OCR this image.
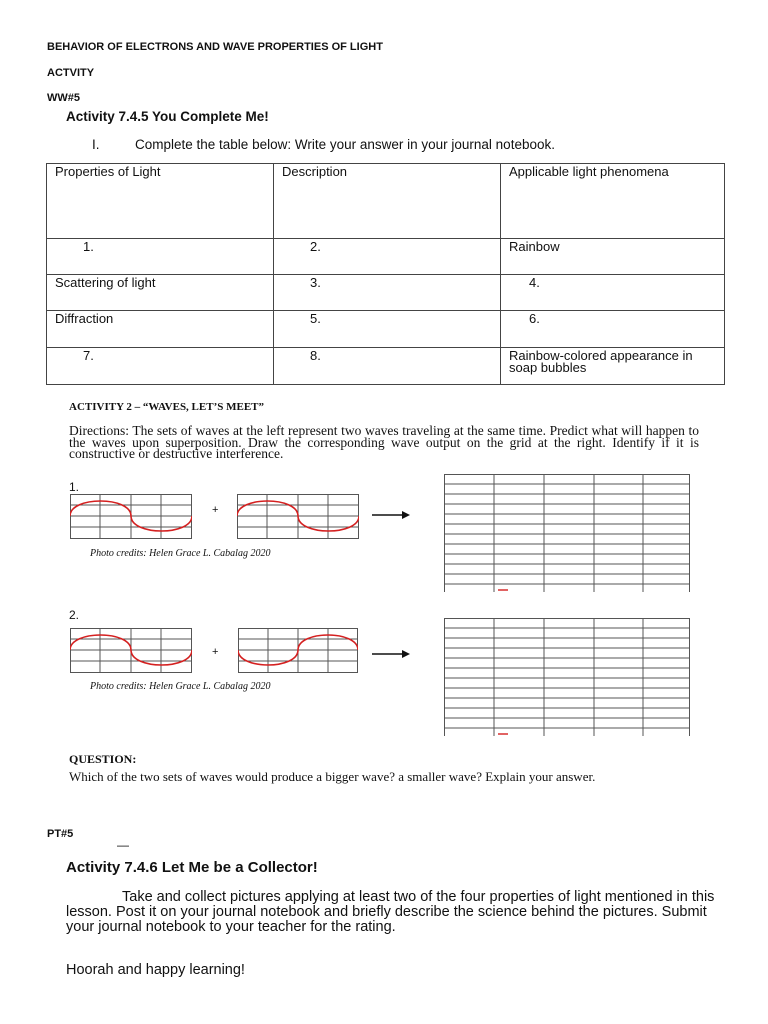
BEHAVIOR OF ELECTRONS AND WAVE PROPERTIES OF LIGHT
ACTVITY
WW#5
Activity 7.4.5 You Complete Me!
I.	Complete the table below: Write your answer in your journal notebook.
Properties of Light	Description	Applicable light phenomena
1.	2.	Rainbow
Scattering of light	3.	4.
Diffraction	5.	6.
7.	8.	Rainbow-colored appearance in soap bubbles
ACTIVITY 2 – “WAVES, LET’S MEET”
Directions: The sets of waves at the left represent two waves traveling at the same time. Predict what will happen to the waves upon superposition. Draw the corresponding wave output on the grid at the right. Identify if it is constructive or destructive interference.
1.
+
Photo credits: Helen Grace L. Cabalag 2020
2.
+
Photo credits: Helen Grace L. Cabalag 2020
QUESTION:
Which of the two sets of waves would produce a bigger wave? a smaller wave? Explain your answer.
PT#5
—
Activity 7.4.6 Let Me be a Collector!
Take and collect pictures applying at least two of the four properties of light mentioned in this lesson. Post it on your journal notebook and briefly describe the science behind the pictures. Submit your journal notebook to your teacher for the rating.
Hoorah and happy learning!
